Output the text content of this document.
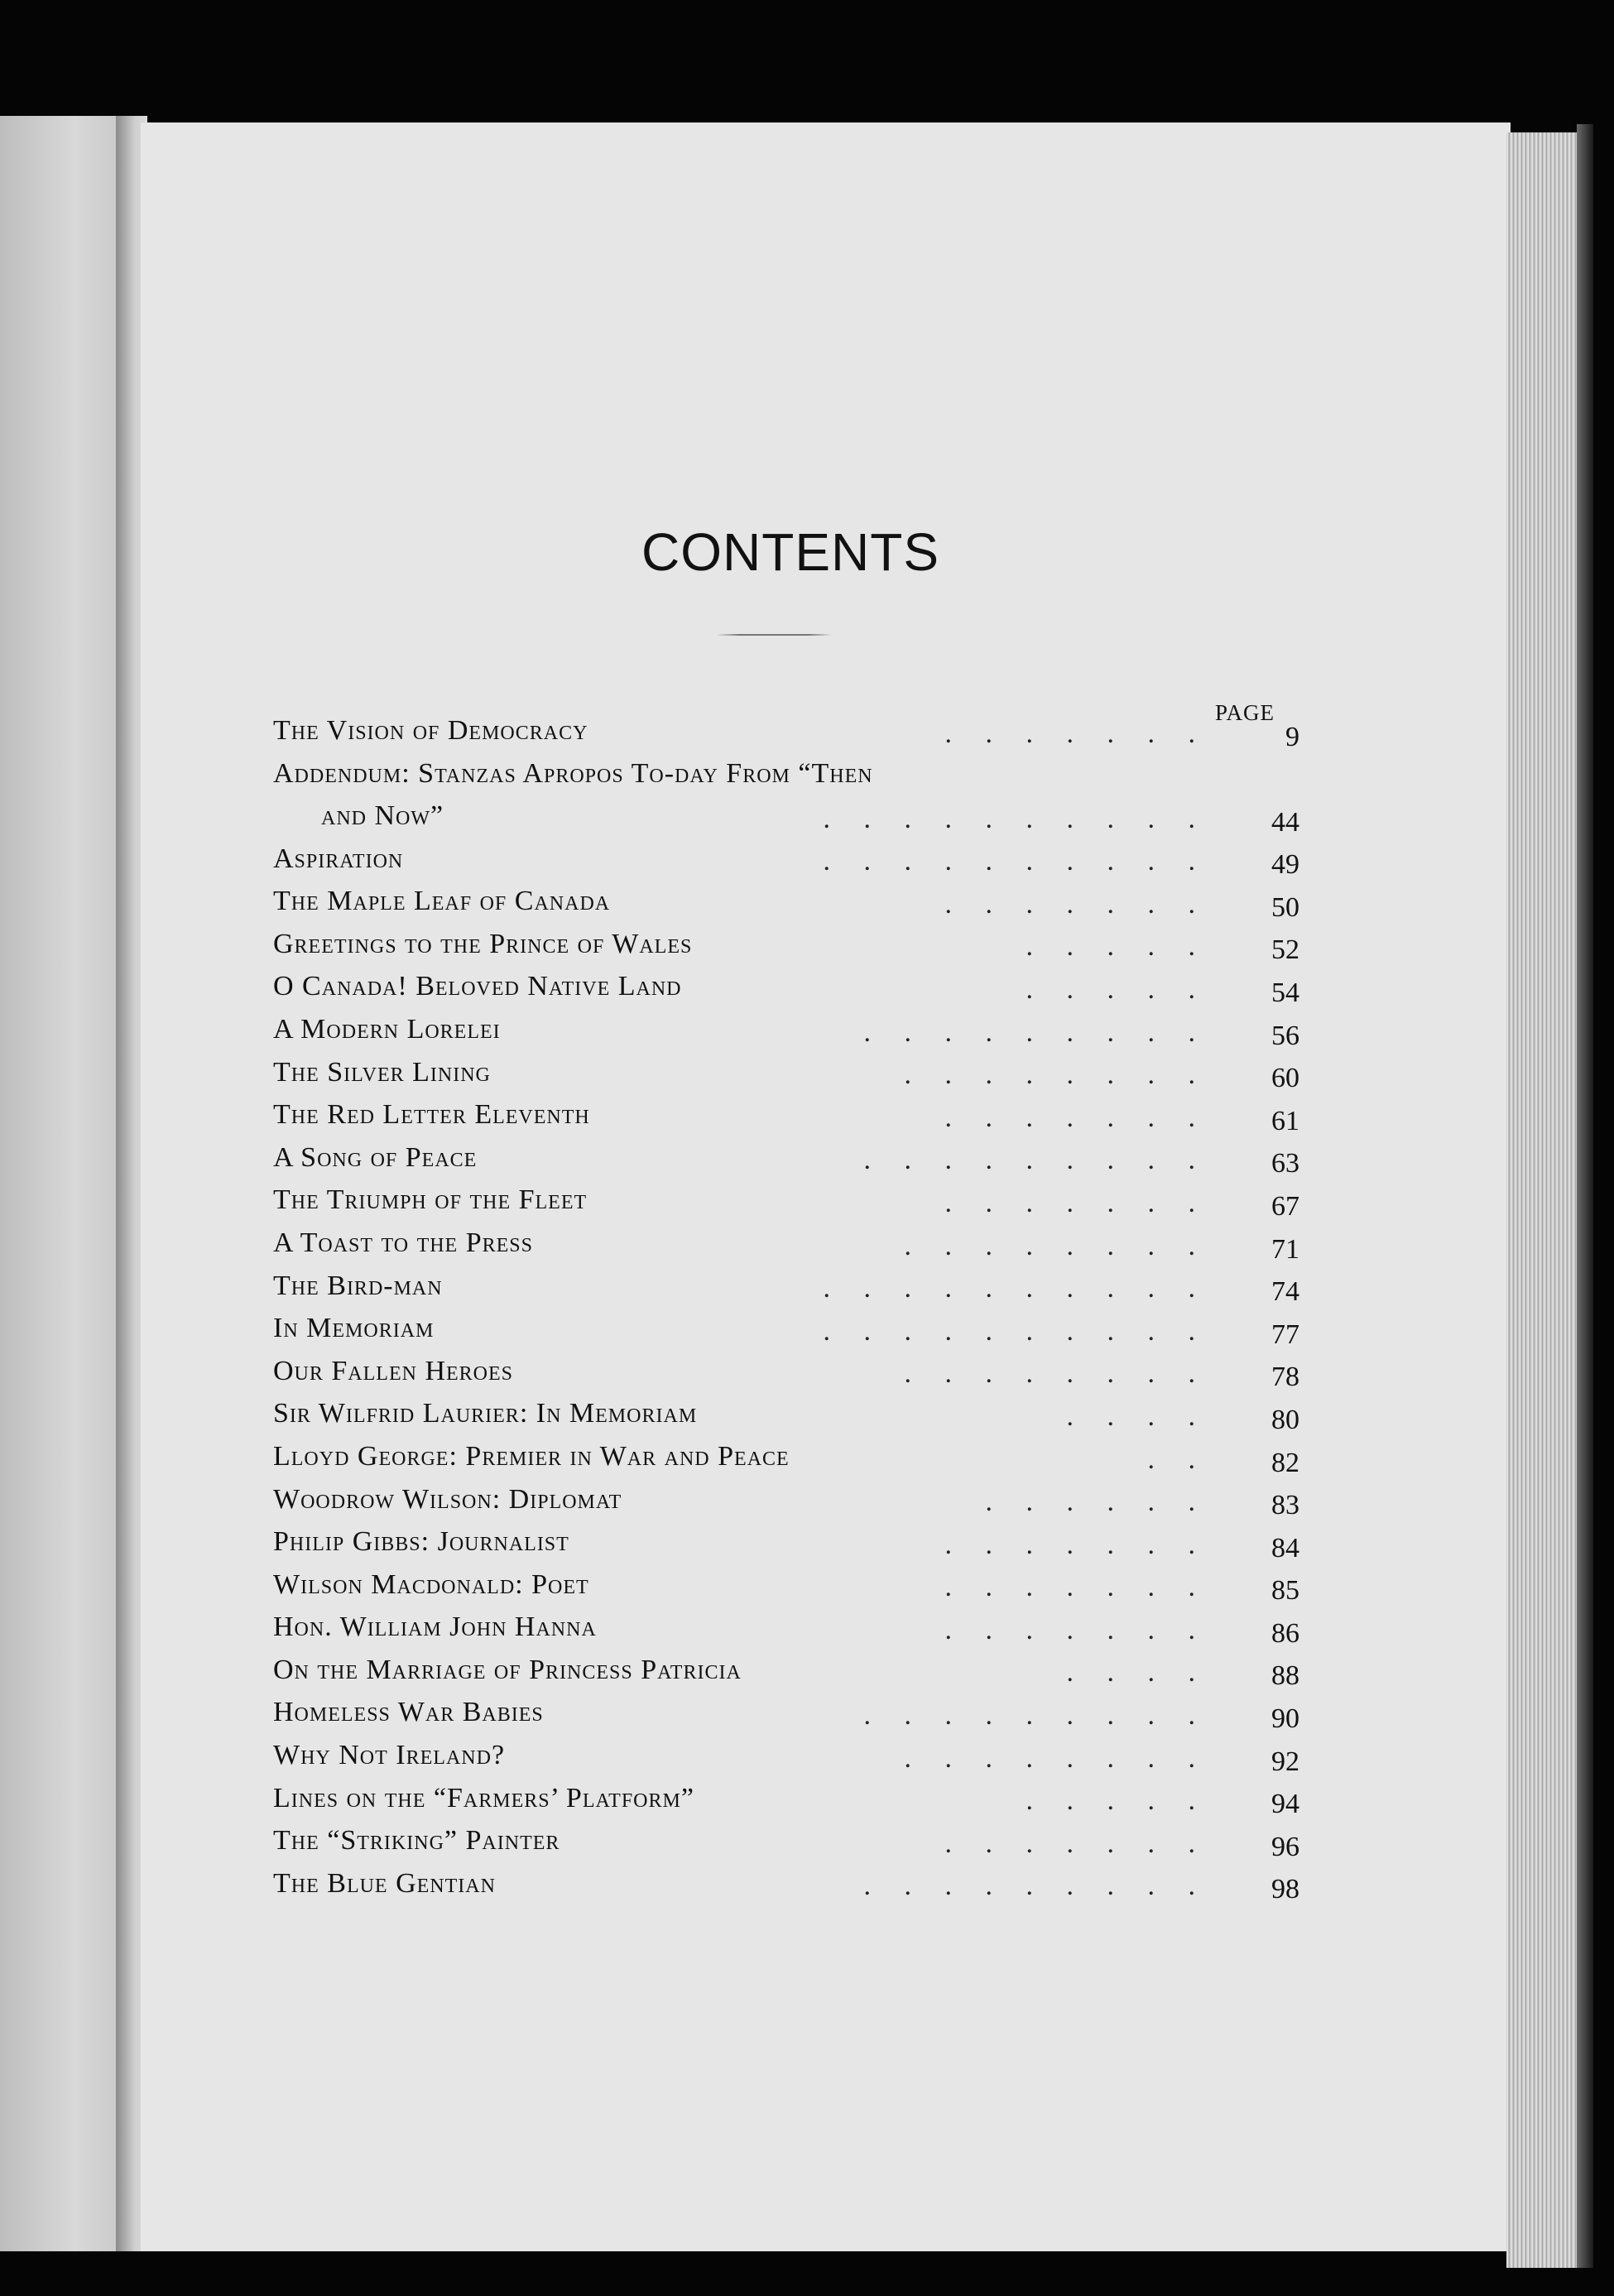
CONTENTS
PAGE
The Vision of Democracy	. . . . . . .	9
Addendum: Stanzas Apropos To-day From “Then
and Now”	. . . . . . . . . .	44
Aspiration	. . . . . . . . . .	49
The Maple Leaf of Canada	. . . . . . .	50
Greetings to the Prince of Wales	. . . . .	52
O Canada! Beloved Native Land	. . . . .	54
A Modern Lorelei	. . . . . . . . .	56
The Silver Lining	. . . . . . . .	60
The Red Letter Eleventh	. . . . . . .	61
A Song of Peace	. . . . . . . . .	63
The Triumph of the Fleet	. . . . . . .	67
A Toast to the Press	. . . . . . . .	71
The Bird-man	. . . . . . . . . .	74
In Memoriam	. . . . . . . . . .	77
Our Fallen Heroes	. . . . . . . .	78
Sir Wilfrid Laurier: In Memoriam	. . . .	80
Lloyd George: Premier in War and Peace	. .	82
Woodrow Wilson: Diplomat	. . . . . .	83
Philip Gibbs: Journalist	. . . . . . .	84
Wilson Macdonald: Poet	. . . . . . .	85
Hon. William John Hanna	. . . . . . .	86
On the Marriage of Princess Patricia	. . . .	88
Homeless War Babies	. . . . . . . . .	90
Why Not Ireland?	. . . . . . . .	92
Lines on the “Farmers’ Platform”	. . . . .	94
The “Striking” Painter	. . . . . . .	96
The Blue Gentian	. . . . . . . . .	98
